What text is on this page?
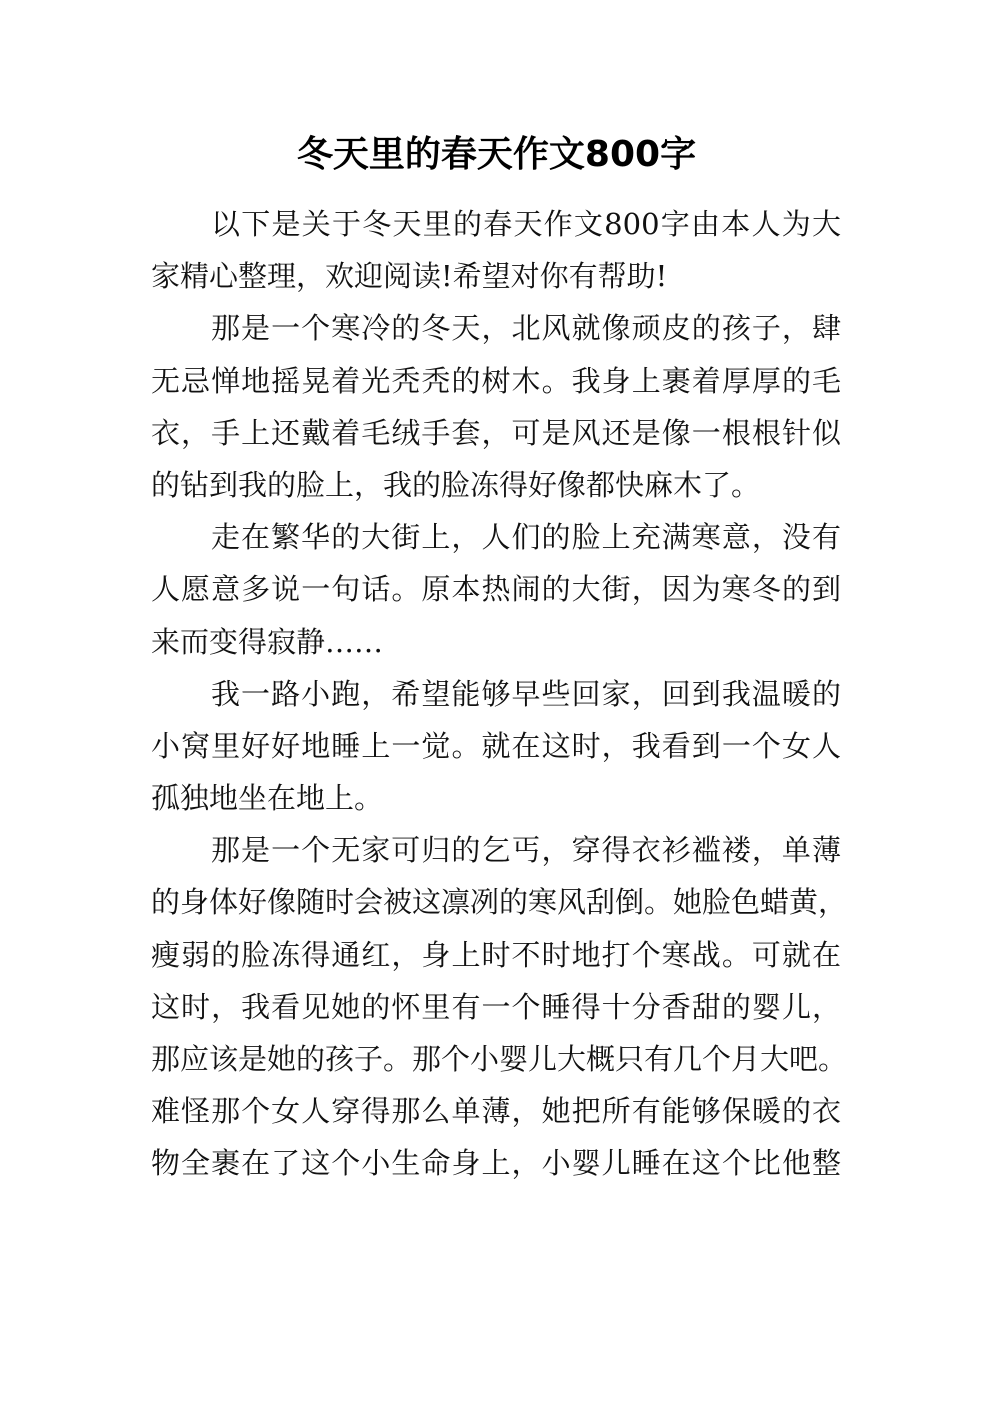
冬天里的春天作文800字
以下是关于冬天里的春天作文800字由本人为大
家精心整理，欢迎阅读!希望对你有帮助!
那是一个寒冷的冬天，北风就像顽皮的孩子，肆
无忌惮地摇晃着光秃秃的树木。我身上裹着厚厚的毛
衣，手上还戴着毛绒手套，可是风还是像一根根针似
的钻到我的脸上，我的脸冻得好像都快麻木了。
走在繁华的大街上，人们的脸上充满寒意，没有
人愿意多说一句话。原本热闹的大街，因为寒冬的到
来而变得寂静……
我一路小跑，希望能够早些回家，回到我温暖的
小窝里好好地睡上一觉。就在这时，我看到一个女人
孤独地坐在地上。
那是一个无家可归的乞丐，穿得衣衫褴褛，单薄
的身体好像随时会被这凛冽的寒风刮倒。她脸色蜡黄，
瘦弱的脸冻得通红，身上时不时地打个寒战。可就在
这时，我看见她的怀里有一个睡得十分香甜的婴儿，
那应该是她的孩子。那个小婴儿大概只有几个月大吧。
难怪那个女人穿得那么单薄，她把所有能够保暖的衣
物全裹在了这个小生命身上，小婴儿睡在这个比他整
